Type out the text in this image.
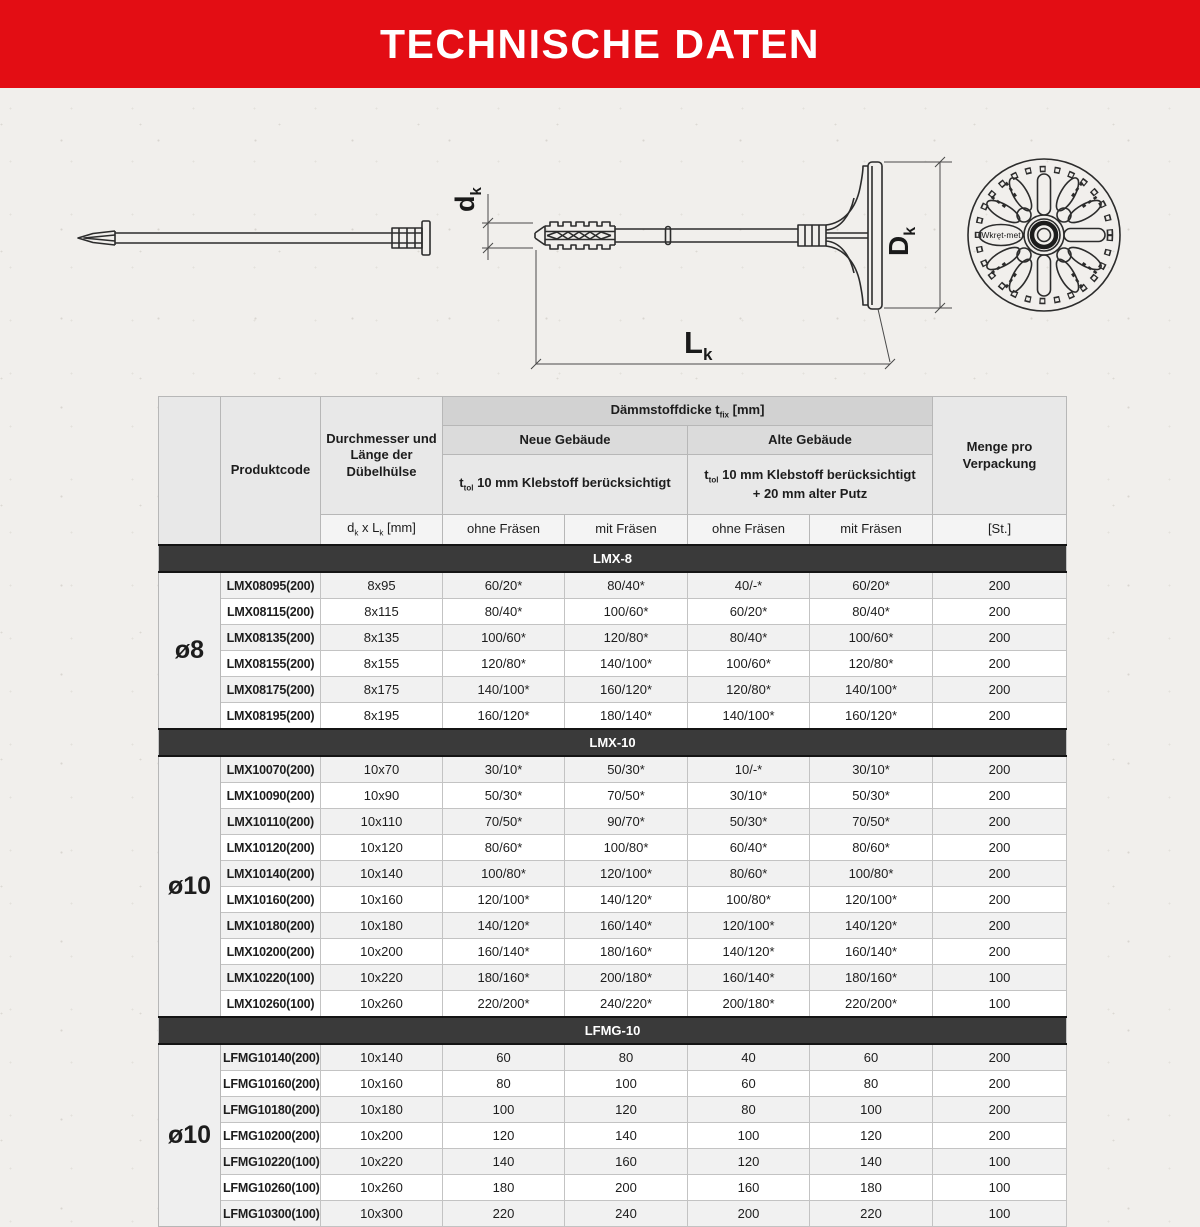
TECHNISCHE DATEN
$d_k$
$D_k$
$L_k$
Wkręt-met
	Produktcode	Durchmesser und Länge der Dübelhülse	Dämmstoffdicke $t_{fix}$ [mm]				Menge pro Verpackung
			Neue Gebäude		Alte Gebäude		
			$t_{tol}$ 10 mm Klebstoff berücksichtigt		$t_{tol}$ 10 mm Klebstoff berücksichtigt
+ 20 mm alter Putz		
		$d_k$ x $L_k$ [mm]	ohne Fräsen	mit Fräsen	ohne Fräsen	mit Fräsen	[St.]
LMX-8							
ø8	LMX08095(200)	8x95	60/20*	80/40*	40/-*	60/20*	200
	LMX08115(200)	8x115	80/40*	100/60*	60/20*	80/40*	200
	LMX08135(200)	8x135	100/60*	120/80*	80/40*	100/60*	200
	LMX08155(200)	8x155	120/80*	140/100*	100/60*	120/80*	200
	LMX08175(200)	8x175	140/100*	160/120*	120/80*	140/100*	200
	LMX08195(200)	8x195	160/120*	180/140*	140/100*	160/120*	200
LMX-10							
ø10	LMX10070(200)	10x70	30/10*	50/30*	10/-*	30/10*	200
	LMX10090(200)	10x90	50/30*	70/50*	30/10*	50/30*	200
	LMX10110(200)	10x110	70/50*	90/70*	50/30*	70/50*	200
	LMX10120(200)	10x120	80/60*	100/80*	60/40*	80/60*	200
	LMX10140(200)	10x140	100/80*	120/100*	80/60*	100/80*	200
	LMX10160(200)	10x160	120/100*	140/120*	100/80*	120/100*	200
	LMX10180(200)	10x180	140/120*	160/140*	120/100*	140/120*	200
	LMX10200(200)	10x200	160/140*	180/160*	140/120*	160/140*	200
	LMX10220(100)	10x220	180/160*	200/180*	160/140*	180/160*	100
	LMX10260(100)	10x260	220/200*	240/220*	200/180*	220/200*	100
LFMG-10							
ø10	LFMG10140(200)	10x140	60	80	40	60	200
	LFMG10160(200)	10x160	80	100	60	80	200
	LFMG10180(200)	10x180	100	120	80	100	200
	LFMG10200(200)	10x200	120	140	100	120	200
	LFMG10220(100)	10x220	140	160	120	140	100
	LFMG10260(100)	10x260	180	200	160	180	100
	LFMG10300(100)	10x300	220	240	200	220	100
